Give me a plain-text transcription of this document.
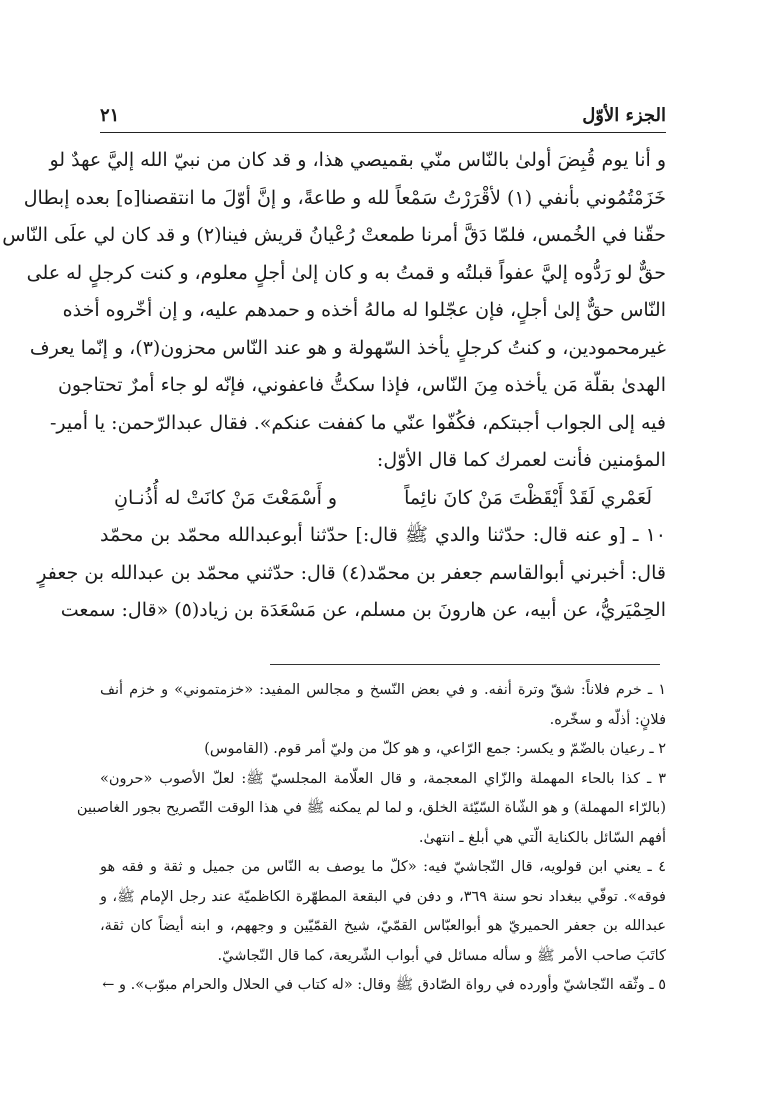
الجزء الأوّل
٢١
و أنا يوم قُبِضَ أولىٰ بالنّاس منّي بقميصي هذا، و قد كان من نبيّ الله إليَّ عهدٌ لو
خَزَمْتُمُوني بأنفي (١) لأقْرَرْتُ سَمْعاً لله و طاعةً، و إنَّ أوّلَ ما انتقصنا[ه] بعده إبطال
حقّنا في الخُمس، فلمّا دَقَّ أمرنا طمعتْ رُعْيانُ قريش فينا(٢) و قد كان لي علَى النّاس
حقٌّ لو رَدُّوه إليَّ عفواً قبلتُه و قمتُ به و كان إلىٰ أجلٍ معلوم، و كنت كرجلٍ له على
النّاس حقٌّ إلىٰ أجلٍ، فإن عجّلوا له مالهُ أخذه و حمدهم عليه، و إن أخّروه أخذه
غيرمحمودين، و كنتُ كرجلٍ يأخذ السّهولة و هو عند النّاس محزون(٣)، و إنّما يعرف
الهدىٰ بقلّة مَن يأخذه مِنَ النّاس، فإذا سكتُّ فاعفوني، فإنّه لو جاء أمرٌ تحتاجون
فيه إلى الجواب أجبتكم، فكُفّوا عنّي ما كففت عنكم». فقال عبدالرّحمن: يا أمير-
المؤمنين فأنت لعمرك كما قال الأوّل:
لَعَمْري لَقَدْ أَيْقَظْتَ مَنْ كانَ نائِماً
و أَسْمَعْتَ مَنْ كانَتْ له أُذُنـانِ
١٠ ـ [و عنه قال: حدّثنا والدي ﷺ قال:] حدّثنا أبوعبدالله محمّد بن محمّد
قال: أخبرني أبوالقاسم جعفر بن محمّد(٤) قال: حدّثني محمّد بن عبدالله بن جعفرٍ
الحِمْيَريُّ، عن أبيه، عن هارونَ بن مسلم، عن مَسْعَدَة بن زياد(٥) «قال: سمعت
١ ـ خرم فلاناً: شقّ وترة أنفه. و في بعض النّسخ و مجالس المفيد: «خزمتموني» و خزم أنف
فلانٍ: أذلّه و سخّره.
٢ ـ رعيان بالضّمّ و يكسر: جمع الرّاعي، و هو كلّ من وليّ أمر قوم. (القاموس)
٣ ـ كذا بالحاء المهملة والزّاي المعجمة، و قال العلّامة المجلسيّ ﷺ: لعلّ الأصوب «حرون»
(بالرّاء المهملة) و هو الشّاة السّيّئة الخلق، و لما لم يمكنه ﷺ في هذا الوقت التّصريح بجور الغاصبين
أفهم السّائل بالكناية الّتي هي أبلغ ـ انتهىٰ.
٤ ـ يعني ابن قولويه، قال النّجاشيّ فيه: «كلّ ما يوصف به النّاس من جميل و ثقة و فقه هو
فوقه». توفّي ببغداد نحو سنة ٣٦٩، و دفن في البقعة المطهّرة الكاظميّة عند رجل الإمام ﷺ، و
عبدالله بن جعفر الحميريّ هو أبوالعبّاس القمّيّ، شيخ القمّيّين و وجههم، و ابنه أيضاً كان ثقة،
كاتَبَ صاحب الأمر ﷺ و سأله مسائل في أبواب الشّريعة، كما قال النّجاشيّ.
٥ ـ وثّقه النّجاشيّ وأورده في رواة الصّادق ﷺ وقال: «له كتاب في الحلال والحرام مبوّب». و ←
